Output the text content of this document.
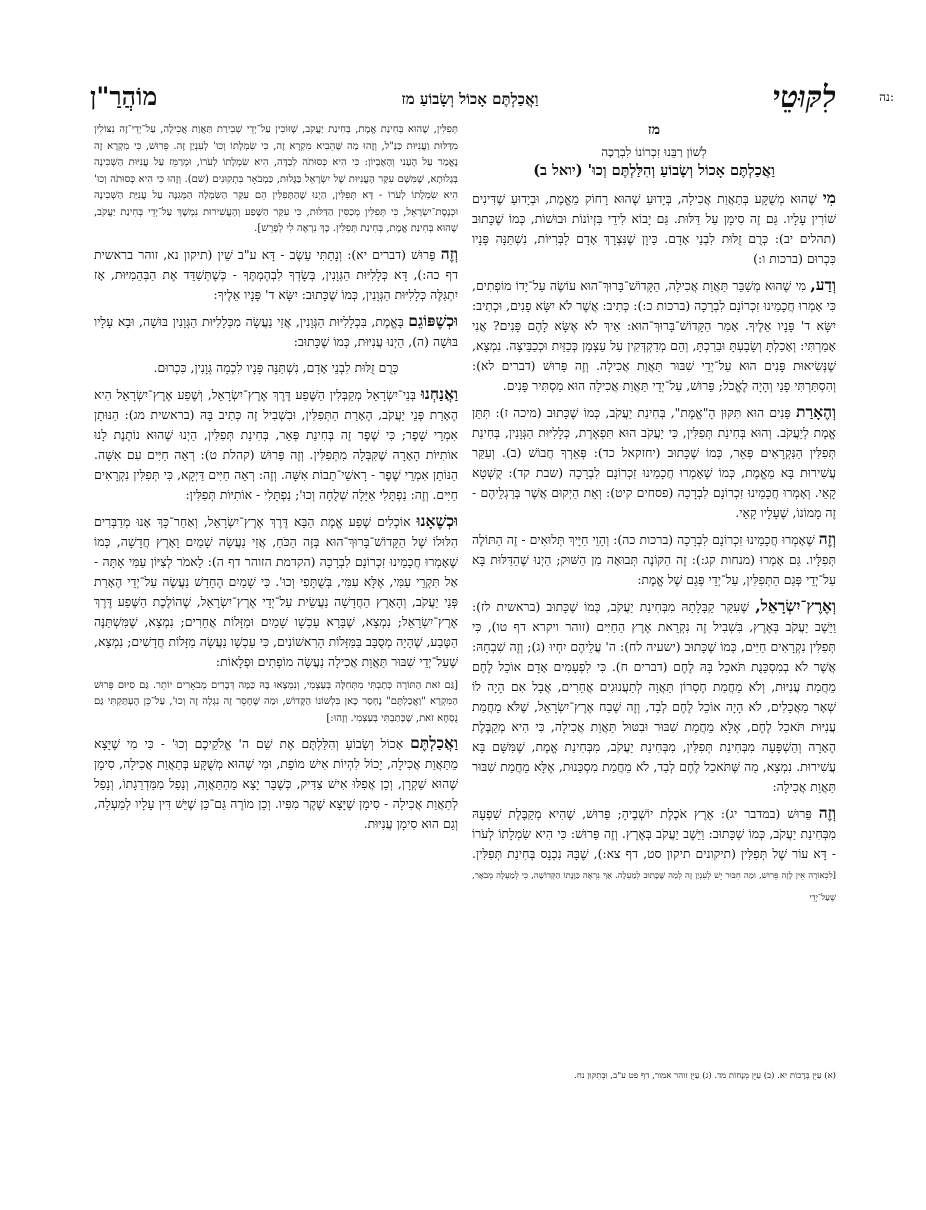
נה:
לִקּוּטֵי
וַאֲכַלְתֶּם אָכוֹל וְשָׂבוֹעַ מז
מוֹהֲרַ"ן
מז
לְשׁוֹן רַבֵּנוּ זִכְרוֹנוֹ לִבְרָכָה
וַאֲכַלְתֶּם אָכוֹל וְשָׂבוֹעַ וְהִלַּלְתֶּם וְכוּ' (יואל ב)

מִי שֶׁהוּא מְשֻׁקָּע בְּתַאֲוַת אֲכִילָה, בְּיָדוּעַ שֶׁהוּא רָחוֹק מֵאֱמֶת, וּבְיָדוּעַ שֶׁדִּינִים שׁוֹרִין עָלָיו. גַּם זֶה סִימָן עַל דַּלּוּת. גַּם יָבוֹא לִידֵי בִּזְיוֹנוֹת וּבוּשׁוֹת, כְּמוֹ שֶׁכָּתוּב (תהלים יב): כְּרֻם זֻלּוּת לִבְנֵי אָדָם. כֵּיוָן שֶׁנִּצְרָךְ אָדָם לַבְּרִיּוֹת, נִשְׁתַּנָּה פָּנָיו כִּכְרוּם (ברכות ו:)

וְדַע, מִי שֶׁהוּא מְשַׁבֵּר תַּאֲוַת אֲכִילָה, הַקָּדוֹשׁ־בָּרוּךְ־הוּא עוֹשֶׂה עַל־יָדוֹ מוֹפְתִים, כִּי אָמְרוּ חֲכָמֵינוּ זִכְרוֹנָם לִבְרָכָה (ברכות כ:): כְּתִיב: אֲשֶׁר לֹא יִשָּׂא פָנִים, וּכְתִיב: יִשָּׂא ד' פָּנָיו אֵלֶיךָ. אָמַר הַקָּדוֹשׁ־בָּרוּךְ־הוּא: אֵיךְ לֹא אֶשָּׂא לָהֶם פָּנִים? אֲנִי אָמַרְתִּי: וְאָכַלְתָּ וְשָׂבָעְתָּ וּבֵרַכְתָּ, וְהֵם מְדַקְדְּקִין עַל עַצְמָן כְּכַזַּיִת וּכְכַבֵּיצָה. נִמְצָא, שֶׁנְּשִׂיאוּת פָּנִים הוּא עַל־יְדֵי שִׁבּוּר תַּאֲוַת אֲכִילָה. וְזֶה פֵּרוּשׁ (דברים לא): וְהִסְתַּרְתִּי פָנַי וְהָיָה לֶאֱכֹל; פֵּרוּשׁ, עַל־יְדֵי תַּאֲוַת אֲכִילָה הוּא מַסְתִּיר פָּנִים.

וְהֶאָרַת פָּנִים הוּא תִּקּוּן הָ"אֱמֶת", בְּחִינַת יַעֲקֹב, כְּמוֹ שֶׁכָּתוּב (מיכה ז): תִּתֵּן אֱמֶת לְיַעֲקֹב. וְהוּא בְּחִינַת תְּפִלִּין, כִּי יַעֲקֹב הוּא תִּפְאֶרֶת, כְּלָלִיּוּת הַגְּוָנִין, בְּחִינַת תְּפִלִּין הַנִּקְרָאִים פְּאֵר, כְּמוֹ שֶׁכָּתוּב (יחזקאל כד): פְּאֵרְךָ חֲבוֹשׁ (ב). וְעִקַּר עֲשִׁירוּת בָּא מֵאֱמֶת, כְּמוֹ שֶׁאָמְרוּ חֲכָמֵינוּ זִכְרוֹנָם לִבְרָכָה (שבת קד): קֻשְׁטָא קָאֵי. וְאָמְרוּ חֲכָמֵינוּ זִכְרוֹנָם לִבְרָכָה (פסחים קיט): וְאֵת הַיְקוּם אֲשֶׁר בְּרַגְלֵיהֶם - זֶה מָמוֹנוֹ, שֶׁעָלָיו קָאֵי.

וְזֶה שֶׁאָמְרוּ חֲכָמֵינוּ זִכְרוֹנָם לִבְרָכָה (ברכות כה): וְהָוֵי חַיָּיךְ תְּלוּאִים - זֶה הַתּוֹלֶה תְּפִלָּיו. גַּם אָמְרוּ (מנחות קג:): זֶה הַקּוֹנֶה תְּבוּאָה מִן הַשּׁוּק; הַיְנוּ שֶׁהַדַּלּוּת בָּא עַל־יְדֵי פְּגַם הַתְּפִלִּין, עַל־יְדֵי פְּגַם שֶׁל אֱמֶת:

וְאֶרֶץ־יִשְׂרָאֵל, שֶׁעִקַּר קַבָּלָתָהּ מִבְּחִינַת יַעֲקֹב, כְּמוֹ שֶׁכָּתוּב (בראשית לז): וַיֵּשֶׁב יַעֲקֹב בְּאֶרֶץ, בִּשְׁבִיל זֶה נִקְרֵאת אֶרֶץ הַחַיִּים (זוהר ויקרא דף טו), כִּי תְּפִלִּין נִקְרָאִים חַיִּים, כְּמוֹ שֶׁכָּתוּב (ישעיה לח): ה' עֲלֵיהֶם יִחְיוּ (ג); וְזֶה שִׁבְחָהּ: אֲשֶׁר לֹא בְמִסְכֵּנֻת תֹּאכַל בָּהּ לֶחֶם (דברים ח). כִּי לִפְעָמִים אָדָם אוֹכֵל לֶחֶם מֵחֲמַת עֲנִיּוּת, וְלֹא מֵחֲמַת חֶסְרוֹן תַּאֲוָה לְתַעֲנוּגִים אֲחֵרִים, אֲבָל אִם הָיָה לוֹ שְׁאָר מַאֲכָלִים, לֹא הָיָה אוֹכֵל לֶחֶם לְבַד, וְזֶה שֶׁבַח אֶרֶץ־יִשְׂרָאֵל, שֶׁלֹּא מֵחֲמַת עֲנִיּוּת תֹּאכַל לֶחֶם, אֶלָּא מֵחֲמַת שִׁבּוּר וּבִטּוּל תַּאֲוַת אֲכִילָה, כִּי הִיא מְקַבֶּלֶת הֶאָרָה וְהַשְׁפָּעָה מִבְּחִינַת תְּפִלִּין, מִבְּחִינַת יַעֲקֹב, מִבְּחִינַת אֱמֶת, שֶׁמִּשָּׁם בָּא עֲשִׁירוּת. נִמְצָא, מַה שֶּׁתֹּאכַל לֶחֶם לְבַד, לֹא מֵחֲמַת מִסְכֵּנוּת, אֶלָּא מֵחֲמַת שִׁבּוּר תַּאֲוַת אֲכִילָה:

וְזֶה פֵּרוּשׁ (במדבר יג): אֶרֶץ אֹכֶלֶת יוֹשְׁבֶיהָ; פֵּרוּשׁ, שֶׁהִיא מְקַבֶּלֶת שִׁפְעָהּ מִבְּחִינַת יַעֲקֹב, כְּמוֹ שֶׁכָּתוּב: וַיֵּשֶׁב יַעֲקֹב בְּאֶרֶץ. וְזֶה פֵּרוּשׁ: כִּי הִיא שִׂמְלָתוֹ לְעֹרוֹ - דָּא עוֹר שֶׁל תְּפִלִּין (תיקונים תיקון סט, דף צא:), שֶׁבָּהּ נִכְנָס בְּחִינַת תְּפִלִּין. [לִכְאוֹרָה אֵין לָזֶה פֵּרוּשׁ, וּמַה חִבּוּר יֵשׁ לְעִנְיַן זֶה לְמַה שֶּׁכָּתוּב לְמַעְלָה. אַךְ נִרְאֶה כַּוָּנָתוֹ הַקְּדוֹשָׁה, כִּי לְמַעְלָה מְבֹאָר, שֶׁעַל־יְדֵי

תְּפִלִּין, שֶׁהוּא בְּחִינַת אֱמֶת, בְּחִינַת יַעֲקֹב, שֶׁזּוֹכִין עַל־יְדֵי שְׁבִירַת תַּאֲוַת אֲכִילָה, עַל־יְדֵי־זֶה נִצּוֹלִין מִדַּלּוּת וַעֲנִיּוּת כַּנַּ"ל, וְזֶהוּ מַה שֶּׁהֵבִיא מִקְרָא זֶה, כִּי שִׂמְלָתוֹ וְכוּ' לְעִנְיַן זֶה. פֵּרוּשׁ, כִּי מִקְרָא זֶה נֶאֱמַר עַל הֶעָנִי וְהָאֶבְיוֹן: כִּי הִיא כְּסוּתֹה לְבַדָּה, הִיא שִׂמְלָתוֹ לְעֹרוֹ, וּמְרַמֵּז עַל עֲנִיּוּת הַשְּׁכִינָה בְּגָלוּתָא, שֶׁמִּשָּׁם עִקַּר הָעֲנִיּוּת שֶׁל יִשְׂרָאֵל בַּגָּלוּת, כַּמְבֹאָר בִּתְקוּנִים (שם). וְזֶהוּ כִּי הִיא כְּסוּתֹה וְכוּ' הִיא שִׂמְלָתוֹ לְעֹרוֹ - דָּא תְּפִלִּין, הַיְנוּ שֶׁהַתְּפִלִּין הֵם עִקַּר הַשִּׂמְלָה הַמְּגִנָּה עַל עֲנִיַּת הַשְּׁכִינָה וּכְנֶסֶת־יִשְׂרָאֵל, כִּי תְּפִלִּין מְכַסִּין הַדַּלּוּת, כִּי עִקַּר הַשֶּׁפַע וְהָעֲשִׁירוּת נִמְשָׁךְ עַל־יְדֵי בְּחִינַת יַעֲקֹב, שֶׁהוּא בְּחִינַת אֱמֶת, בְּחִינַת תְּפִלִּין. כָּךְ נִרְאֶה לִי לְפָרֵשׁ].

וְזֶה פֵּרוּשׁ (דברים יא): וְנָתַתִּי עֵשֶׂב - דָּא ע"ב שֵׁין (תיקון נא, זוהר בראשית דף כה:), דָּא כְּלָלִיּוּת הַגְּוָנִין, בְּשָׂדְךָ לִבְהֶמְתֶּךָ - כְּשֶׁתְּשַׁדֵּד אֶת הַבְּהֵמִיּוּת, אָז יִתְגַּלֶּה כְּלָלִיּוּת הַגְּוָנִין, כְּמוֹ שֶׁכָּתוּב: יִשָּׂא ד' פָּנָיו אֵלֶיךָ:

וּכְשֶׁפּוֹגֵם בָּאֱמֶת, בִּכְלָלִיּוּת הַגְּוָנִין, אֲזַי נַעֲשָׂה מִכְּלָלִיּוּת הַגְּוָנִין בּוּשָׁה, וּבָא עָלָיו בּוּשָׁה (ה), הַיְנוּ עֲנִיּוּת, כְּמוֹ שֶׁכָּתוּב:

כְּרֻם זֻלּוּת לִבְנֵי אָדָם, נִשְׁתַּנָּה פָּנָיו לִכְמָה גְּוָנִין, כִּכְרוּם.

וַאֲנַחְנוּ בְּנֵי־יִשְׂרָאֵל מְקַבְּלִין הַשֶּׁפַע דֶּרֶךְ אֶרֶץ־יִשְׂרָאֵל, וְשֶׁפַע אֶרֶץ־יִשְׂרָאֵל הִיא הֶאָרַת פְּנֵי יַעֲקֹב, הֶאָרַת הַתְּפִלִּין, וּבִשְׁבִיל זֶה כְּתִיב בָּהּ (בראשית מג): הַנּוּתָן אִמְרֵי שָׁפֶר; כִּי שֶׁפֶר זֶה בְּחִינַת פְּאֵר, בְּחִינַת תְּפִלִּין, הַיְנוּ שֶׁהוּא נוֹתֶנֶת לָנוּ אוֹתִיּוֹת הָאָרָה שֶׁקִּבְּלָה מִתְּפִלִּין. וְזֶה פֵּרוּשׁ (קהלת ט): רְאֵה חַיִּים עִם אִשָּׁה. הַנּוֹתֵן אִמְרֵי שֶׁפֶר - רָאשֵׁי־תֵבוֹת אִשָּׁה. וְזֶה: רְאֵה חַיִּים דַּיְקָא, כִּי תְּפִלִּין נִקְרָאִים חַיִּים. וְזֶה: נַפְתָּלִי אַיָּלָה שְׁלֻחָה וְכוּ'; נַפְתָּלִי - אוֹתִיּוֹת תְּפִלִּין:

וּכְשֶׁאָנוּ אוֹכְלִים שֶׁפַע אֱמֶת הַבָּא דֶּרֶךְ אֶרֶץ־יִשְׂרָאֵל, וְאַחַר־כָּךְ אָנוּ מְדַבְּרִים הִלּוּלוֹ שֶׁל הַקָּדוֹשׁ־בָּרוּךְ־הוּא בְּזֶה הַכֹּחַ, אֲזַי נַעֲשָׂה שָׁמַיִם וָאָרֶץ חֲדָשָׁה, כְּמוֹ שֶׁאָמְרוּ חֲכָמֵינוּ זִכְרוֹנָם לִבְרָכָה (הקדמת הזוהר דף ה): לֵאמֹר לְצִיּוֹן עַמִּי אָתָּה - אַל תִּקְרֵי עַמִּי, אֶלָּא עִמִּי, בְּשֻׁתָּפִי וְכוּ'. כִּי שָׁמַיִם הֶחָדָשׁ נַעֲשֶׂה עַל־יְדֵי הֶאָרַת פְּנֵי יַעֲקֹב, וְהָאָרֶץ הַחֲדָשָׁה נַעֲשֵׂית עַל־יְדֵי אֶרֶץ־יִשְׂרָאֵל, שֶׁהוֹלֶכֶת הַשֶּׁפַע דֶּרֶךְ אֶרֶץ־יִשְׂרָאֵל; נִמְצָא, שֶׁבָּרָא עַכְשָׁו שָׁמַיִם וּמַזָּלוֹת אֲחֵרִים; נִמְצָא, שֶׁמִּשְׁתַּנֶּה הַטֶּבַע, שֶׁהָיָה מְסֻבָּב בַּמַּזָּלוֹת הָרִאשׁוֹנִים, כִּי עַכְשָׁו נַעֲשָׂה מַזָּלוֹת חֲדָשִׁים; נִמְצָא, שֶׁעַל־יְדֵי שִׁבּוּר תַּאֲוַת אֲכִילָה נַעֲשָׂה מוֹפְתִים וּפְלָאוֹת:

[גַּם זֹאת הַתּוֹרָה כְּתַבְתִּי מִתְּחִלָּה בְּעַצְמִי, וְנִמְצָאוּ בָּהּ כַּמָּה דְּבָרִים מְבֹאָרִים יוֹתֵר. גַּם סִיּוּם פֵּרוּשׁ הַמִּקְרָא "וַאֲכַלְתֶּם" נֶחְסַר כָּאן בִּלְשׁוֹנוֹ הַקָּדוֹשׁ, וּמַה שֶּׁחָסֵר זֶה נִגְלָה זֶה וְכוּ', עַל־כֵּן הֶעְתַּקְתִּי גַּם נֻסְחָא זֹאת, שֶׁכָּתַבְתִּי בְּעַצְמִי. וְזֶהוּ:]

וַאֲכַלְתֶּם אָכוֹל וְשָׂבוֹעַ וְהִלַּלְתֶּם אֶת שֵׁם ה' אֱלֹקֵיכֶם וְכוּ' - כִּי מִי שֶׁיָּצָא מֵתַּאֲוַת אֲכִילָה, יָכוֹל לִהְיוֹת אִישׁ מוֹפֵת, וּמִי שֶׁהוּא מְשֻׁקָּע בְּתַאֲוַת אֲכִילָה, סִימָן שֶׁהוּא שַׁקְרָן, וְכֵן אֲפִלּוּ אִישׁ צַדִּיק, כְּשֶׁבָּר יָצָא מֵהַתַּאֲוָה, וְנָפַל מִמַּדְרֵגָתוֹ, וְנָפַל לְתַאֲוַת אֲכִילָה - סִימָן שֶׁיָּצָא שֶׁקֶר מִפִּיו. וְכֵן מוֹרֶה גַּם־כֵּן שֶׁיֵּשׁ דִּין עָלָיו לְמַעְלָה, וְגַם הוּא סִימָן עֲנִיּוּת.

(א) עַיֵּן בְּרָכוֹת יא. (ב) עַיֵּן מְנָחוֹת מד. (ג) עַיֵּן זוהר אמור, דף פט ע"ב, וּבְתִקּוּן נח.
